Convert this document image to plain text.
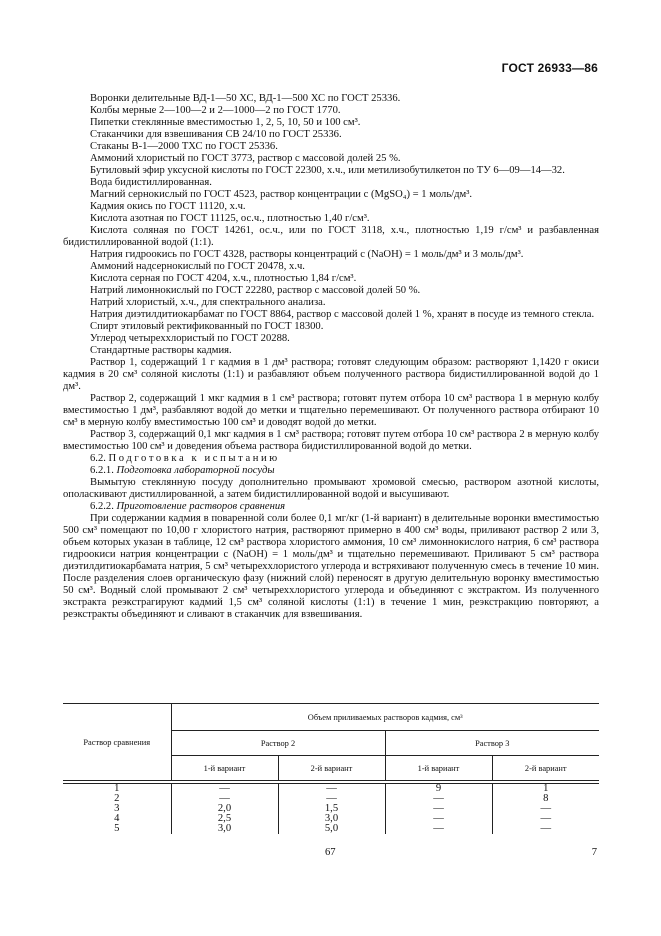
ГОСТ 26933—86

Воронки делительные ВД-1—50 ХС, ВД-1—500 ХС по ГОСТ 25336.

Колбы мерные 2—100—2 и 2—1000—2 по ГОСТ 1770.

Пипетки стеклянные вместимостью 1, 2, 5, 10, 50 и 100 см³.

Стаканчики для взвешивания СВ 24/10 по ГОСТ 25336.

Стаканы В-1—2000 ТХС по ГОСТ 25336.

Аммоний хлористый по ГОСТ 3773, раствор с массовой долей 25 %.

Бутиловый эфир уксусной кислоты по ГОСТ 22300, х.ч., или метилизобутилкетон по ТУ 6—09—14—32.

Вода бидистиллированная.

Магний сернокислый по ГОСТ 4523, раствор концентрации с (MgSO₄) = 1 моль/дм³.

Кадмия окись по ГОСТ 11120, х.ч.

Кислота азотная по ГОСТ 11125, ос.ч., плотностью 1,40 г/см³.

Кислота соляная по ГОСТ 14261, ос.ч., или по ГОСТ 3118, х.ч., плотностью 1,19 г/см³ и разбавленная бидистиллированной водой (1:1).

Натрия гидроокись по ГОСТ 4328, растворы концентраций с (NaOH) = 1 моль/дм³ и 3 моль/дм³.

Аммоний надсернокислый по ГОСТ 20478, х.ч.

Кислота серная по ГОСТ 4204, х.ч., плотностью 1,84 г/см³.

Натрий лимоннокислый по ГОСТ 22280, раствор с массовой долей 50 %.

Натрий хлористый, х.ч., для спектрального анализа.

Натрия диэтилдитиокарбамат по ГОСТ 8864, раствор с массовой долей 1 %, хранят в посуде из темного стекла.

Спирт этиловый ректификованный по ГОСТ 18300.

Углерод четыреххлористый по ГОСТ 20288.

Стандартные растворы кадмия.

Раствор 1, содержащий 1 г кадмия в 1 дм³ раствора; готовят следующим образом: растворяют 1,1420 г окиси кадмия в 20 см³ соляной кислоты (1:1) и разбавляют объем полученного раствора бидистиллированной водой до 1 дм³.

Раствор 2, содержащий 1 мкг кадмия в 1 см³ раствора; готовят путем отбора 10 см³ раствора 1 в мерную колбу вместимостью 1 дм³, разбавляют водой до метки и тщательно перемешивают. От полученного раствора отбирают 10 см³ в мерную колбу вместимостью 100 см³ и доводят водой до метки.

Раствор 3, содержащий 0,1 мкг кадмия в 1 см³ раствора; готовят путем отбора 10 см³ раствора 2 в мерную колбу вместимостью 100 см³ и доведения объема раствора бидистиллированной водой до метки.

6.2. Подготовка к испытанию

6.2.1. Подготовка лабораторной посуды

Вымытую стеклянную посуду дополнительно промывают хромовой смесью, раствором азотной кислоты, ополаскивают дистиллированной, а затем бидистиллированной водой и высушивают.

6.2.2. Приготовление растворов сравнения

При содержании кадмия в поваренной соли более 0,1 мг/кг (1-й вариант) в делительные воронки вместимостью 500 см³ помещают по 10,00 г хлористого натрия, растворяют примерно в 400 см³ воды, приливают раствор 2 или 3, объем которых указан в таблице, 12 см³ раствора хлористого аммония, 10 см³ лимоннокислого натрия, 6 см³ раствора гидроокиси натрия концентрации с (NaOH) = 1 моль/дм³ и тщательно перемешивают. Приливают 5 см³ раствора диэтилдитиокарбамата натрия, 5 см³ четыреххлористого углерода и встряхивают полученную смесь в течение 10 мин. После разделения слоев органическую фазу (нижний слой) переносят в другую делительную воронку вместимостью 50 см³. Водный слой промывают 2 см³ четыреххлористого углерода и объединяют с экстрактом. Из полученного экстракта реэкстрагируют кадмий 1,5 см³ соляной кислоты (1:1) в течение 1 мин, реэкстракцию повторяют, а реэкстракты объединяют и сливают в стаканчик для взвешивания.

Раствор сравнения	Объем приливаемых растворов кадмия, см³			
	Раствор 2		Раствор 3	
	1-й вариант	2-й вариант	1-й вариант	2-й вариант

1	—	—	9	1
2	—	—	—	8
3	2,0	1,5	—	—
4	2,5	3,0	—	—
5	3,0	5,0	—	—
67	7
